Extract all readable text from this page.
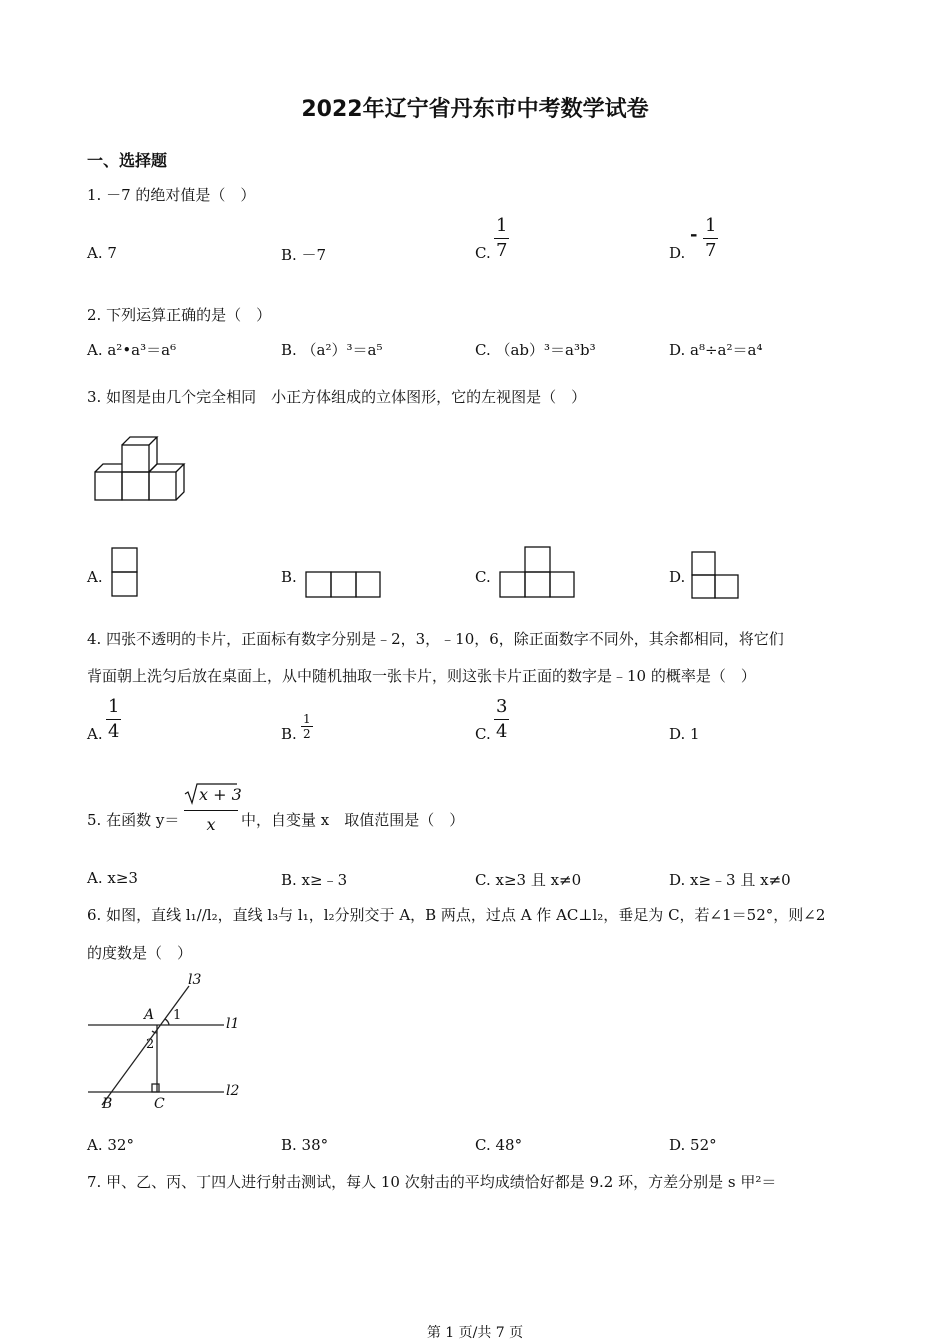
2022年辽宁省丹东市中考数学试卷
一、选择题
1. －7 的绝对值是（　）
A. 7	B. －7	C.
1
7	D.
- 1
7
2. 下列运算正确的是（　）
A. a²•a³＝a⁶	B. （a²）³＝a⁵	C. （ab）³＝a³b³	D. a⁸÷a²＝a⁴
3. 如图是由几个完全相同　小正方体组成的立体图形，它的左视图是（　）
A.	B.	C.	D.
4. 四张不透明的卡片，正面标有数字分别是﹣2，3，﹣10，6，除正面数字不同外，其余都相同，将它们
背面朝上洗匀后放在桌面上，从中随机抽取一张卡片，则这张卡片正面的数字是﹣10 的概率是（　）
A.
1
4	B.
1
2	C.
3
4	D. 1
5. 在函数 y＝
x + 3
x	中，自变量 x　取值范围是（　）
A. x≥3	B. x≥﹣3	C. x≥3 且 x≠0	D. x≥﹣3 且 x≠0
6. 如图，直线 l₁//l₂，直线 l₃与 l₁，l₂分别交于 A，B 两点，过点 A 作 AC⊥l₂，垂足为 C，若∠1＝52°，则∠2
的度数是（　）
l3
l1
l2
A
B	C
1
2
A. 32°	B. 38°	C. 48°	D. 52°
7. 甲、乙、丙、丁四人进行射击测试，每人 10 次射击的平均成绩恰好都是 9.2 环，方差分别是 s 甲²＝
第 1 页/共 7 页
